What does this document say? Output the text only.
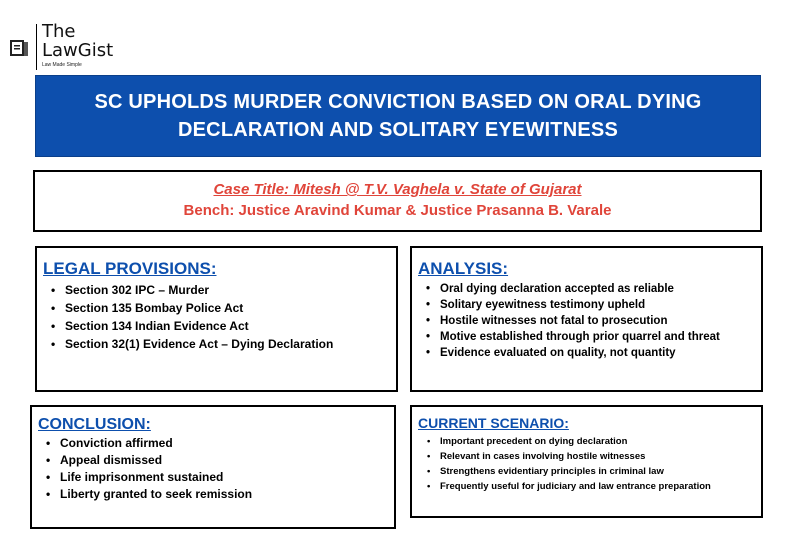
The
LawGist
Law Made Simple
SC UPHOLDS MURDER CONVICTION BASED ON ORAL DYING DECLARATION AND SOLITARY EYEWITNESS
Case Title: Mitesh @ T.V. Vaghela v. State of Gujarat
Bench: Justice Aravind Kumar & Justice Prasanna B. Varale
LEGAL PROVISIONS:
• Section 302 IPC – Murder
• Section 135 Bombay Police Act
• Section 134 Indian Evidence Act
• Section 32(1) Evidence Act – Dying Declaration
ANALYSIS:
• Oral dying declaration accepted as reliable
• Solitary eyewitness testimony upheld
• Hostile witnesses not fatal to prosecution
• Motive established through prior quarrel and threat
• Evidence evaluated on quality, not quantity
CONCLUSION:
• Conviction affirmed
• Appeal dismissed
• Life imprisonment sustained
• Liberty granted to seek remission
CURRENT SCENARIO:
• Important precedent on dying declaration
• Relevant in cases involving hostile witnesses
• Strengthens evidentiary principles in criminal law
• Frequently useful for judiciary and law entrance preparation
